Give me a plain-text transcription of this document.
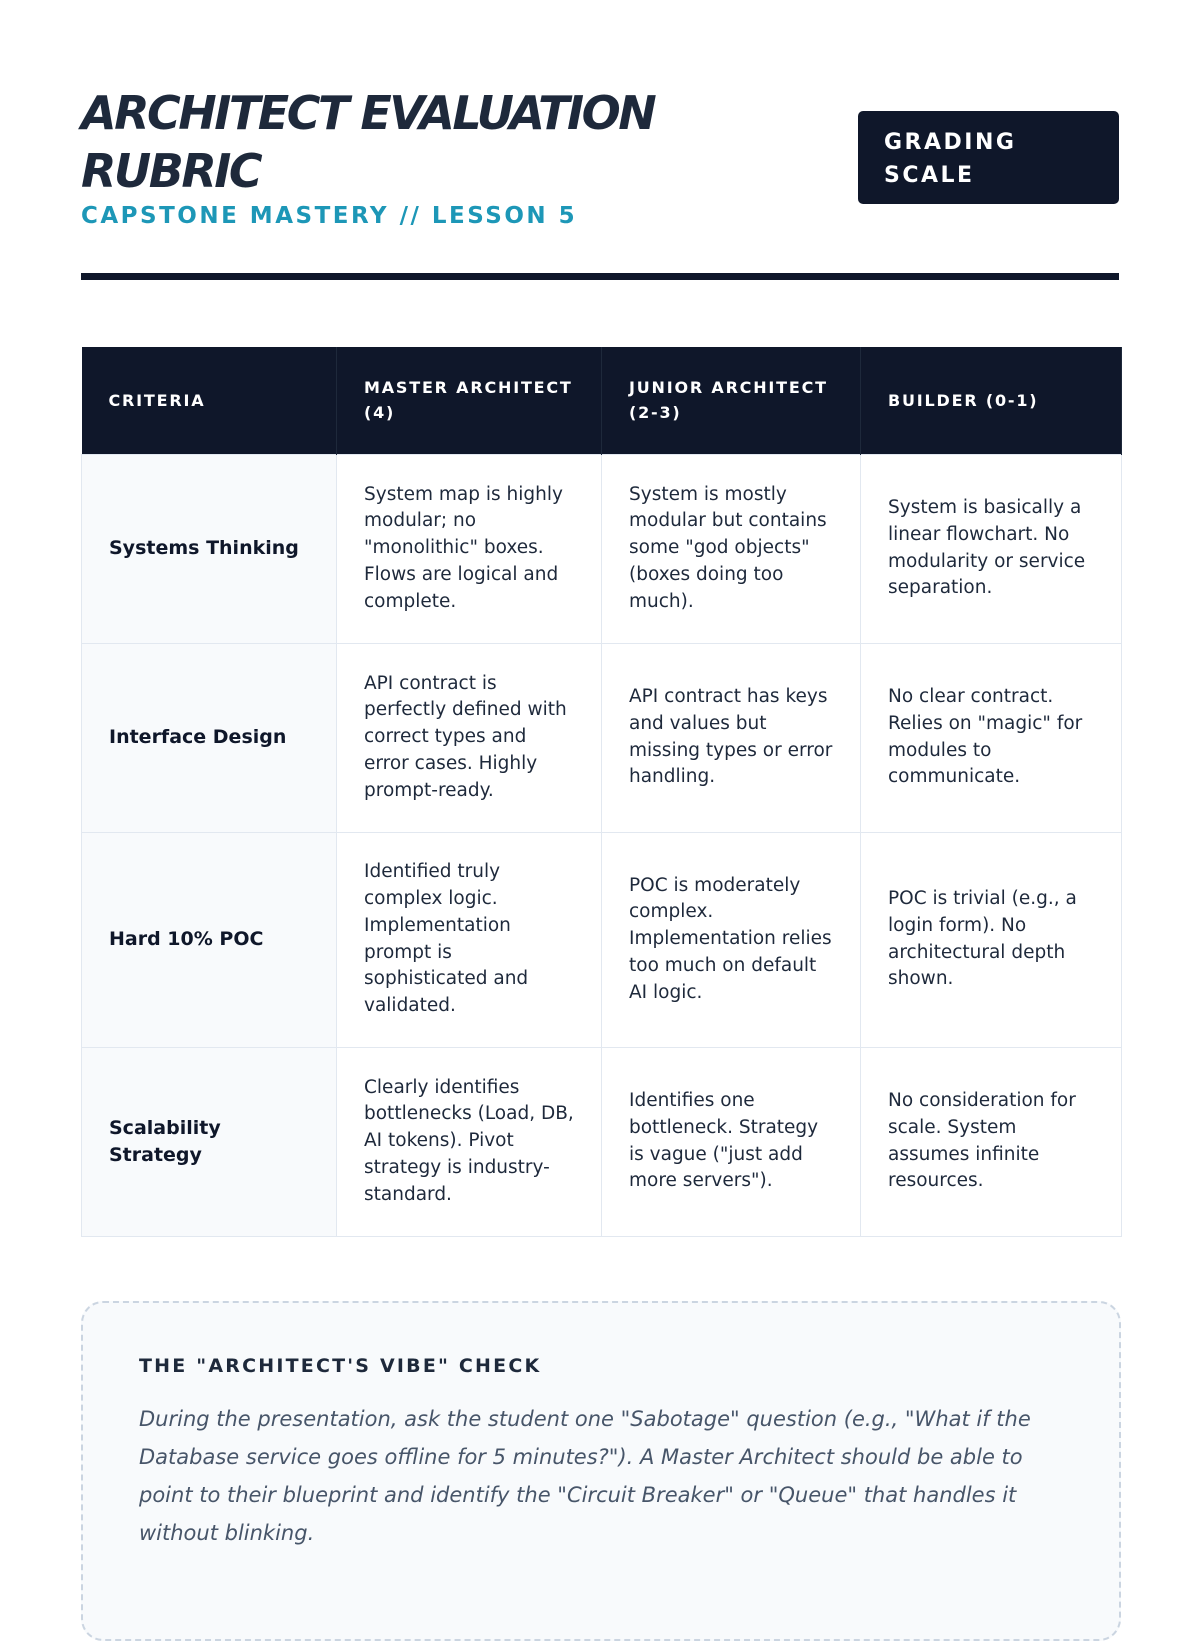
ARCHITECT EVALUATION RUBRIC
CAPSTONE MASTERY // LESSON 5
GRADING SCALE
CRITERIA	MASTER ARCHITECT (4)	JUNIOR ARCHITECT (2-3)	BUILDER (0-1)
Systems Thinking	System map is highly modular; no "monolithic" boxes. Flows are logical and complete.	System is mostly modular but contains some "god objects" (boxes doing too much).	System is basically a linear flowchart. No modularity or service separation.
Interface Design	API contract is perfectly defined with correct types and error cases. Highly prompt-ready.	API contract has keys and values but missing types or error handling.	No clear contract. Relies on "magic" for modules to communicate.
Hard 10% POC	Identified truly complex logic. Implementation prompt is sophisticated and validated.	POC is moderately complex. Implementation relies too much on default AI logic.	POC is trivial (e.g., a login form). No architectural depth shown.
Scalability Strategy	Clearly identifies bottlenecks (Load, DB, AI tokens). Pivot strategy is industry-standard.	Identifies one bottleneck. Strategy is vague ("just add more servers").	No consideration for scale. System assumes infinite resources.
THE "ARCHITECT'S VIBE" CHECK

During the presentation, ask the student one "Sabotage" question (e.g., "What if the Database service goes offline for 5 minutes?"). A Master Architect should be able to point to their blueprint and identify the "Circuit Breaker" or "Queue" that handles it without blinking.
